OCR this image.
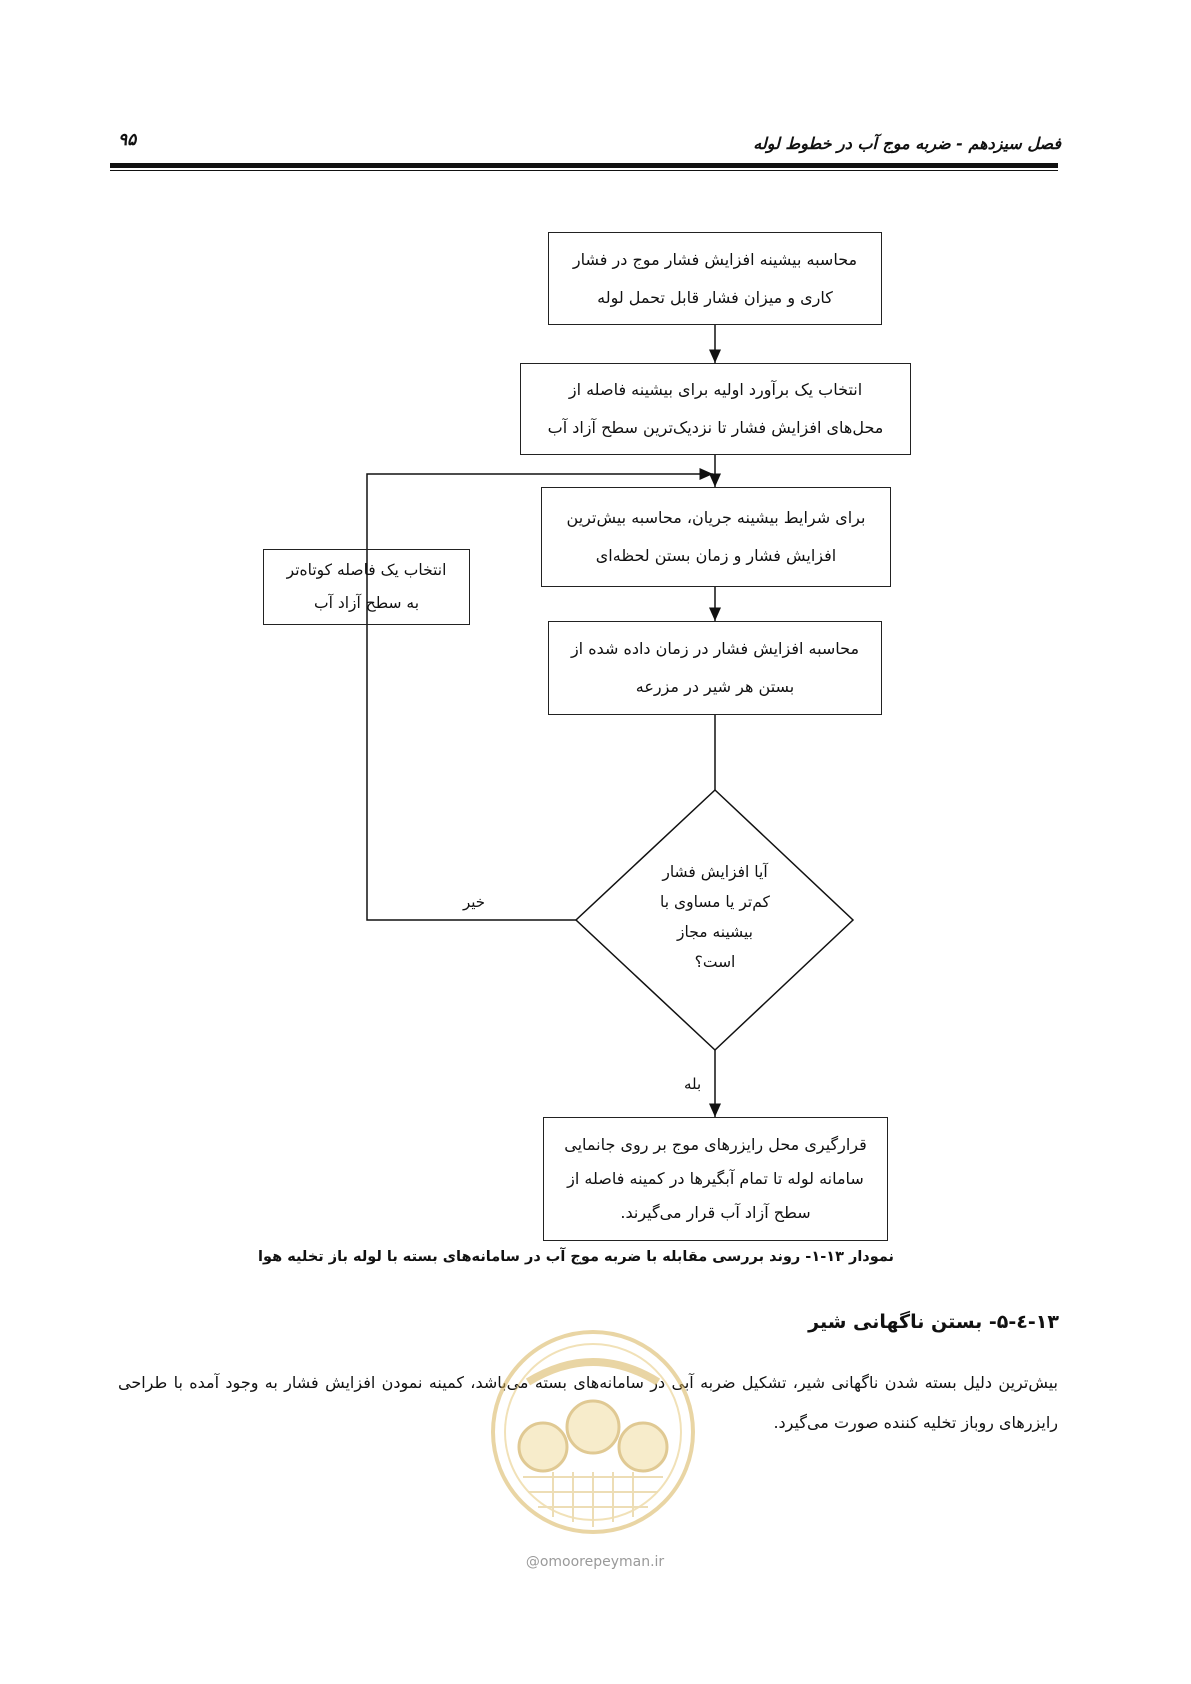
فصل سیزدهم - ضربه موج آب در خطوط لوله
۹۵
محاسبه بیشینه افزایش فشار موج در فشار
کاری و میزان فشار قابل تحمل لوله
انتخاب یک برآورد اولیه برای بیشینه فاصله از
محل‌های افزایش فشار تا نزدیک‌ترین سطح آزاد آب
برای شرایط بیشینه جریان، محاسبه بیش‌ترین
افزایش فشار و زمان بستن لحظه‌ای
محاسبه افزایش فشار در زمان داده شده از
بستن هر شیر در مزرعه
انتخاب یک فاصله کوتاه‌تر
به سطح آزاد آب
آیا افزایش فشار
کم‌تر یا مساوی با
بیشینه مجاز
است؟
خیر
بله
قرارگیری محل رایزرهای موج بر روی جانمایی
سامانه لوله تا تمام آبگیرها در کمینه فاصله از
سطح آزاد آب قرار می‌گیرند.
نمودار ۱۳-۱- روند بررسی مقابله با ضربه موج آب در سامانه‌های بسته با لوله باز تخلیه هوا
۱۳-٤-۵- بستن ناگهانی شیر
بیش‌ترین دلیل بسته شدن ناگهانی شیر، تشکیل ضربه آبی در سامانه‌های بسته می‌باشد، کمینه نمودن افزایش فشار به وجود آمده با طراحی رایزرهای روباز تخلیه کننده صورت می‌گیرد.
@omoorepeyman.ir
